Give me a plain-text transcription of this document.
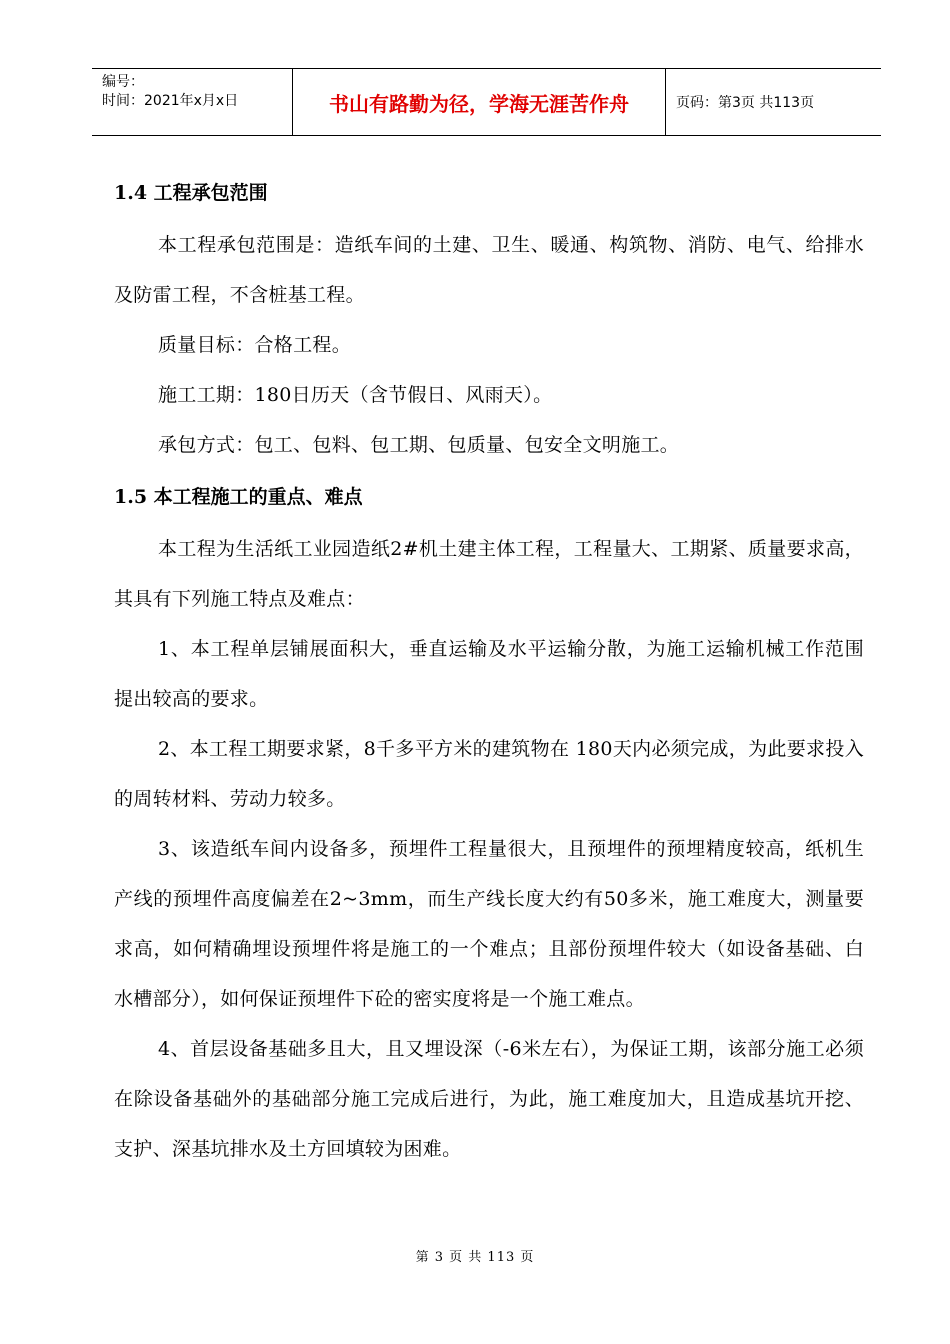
编号：
时间：2021年x月x日	书山有路勤为径，学海无涯苦作舟	页码：第3页 共113页
1.4 工程承包范围

本工程承包范围是：造纸车间的土建、卫生、暖通、构筑物、消防、电气、给排水及防雷工程，不含桩基工程。

质量目标：合格工程。

施工工期：180日历天（含节假日、风雨天）。

承包方式：包工、包料、包工期、包质量、包安全文明施工。

1.5 本工程施工的重点、难点

本工程为生活纸工业园造纸2#机土建主体工程，工程量大、工期紧、质量要求高，其具有下列施工特点及难点：

1、本工程单层铺展面积大，垂直运输及水平运输分散，为施工运输机械工作范围提出较高的要求。

2、本工程工期要求紧，8千多平方米的建筑物在 180天内必须完成，为此要求投入的周转材料、劳动力较多。

3、该造纸车间内设备多，预埋件工程量很大，且预埋件的预埋精度较高，纸机生产线的预埋件高度偏差在2~3mm，而生产线长度大约有50多米，施工难度大，测量要求高，如何精确埋设预埋件将是施工的一个难点；且部份预埋件较大（如设备基础、白水槽部分），如何保证预埋件下砼的密实度将是一个施工难点。

4、首层设备基础多且大，且又埋设深（-6米左右），为保证工期，该部分施工必须在除设备基础外的基础部分施工完成后进行，为此，施工难度加大，且造成基坑开挖、支护、深基坑排水及土方回填较为困难。

第 3 页 共 113 页
